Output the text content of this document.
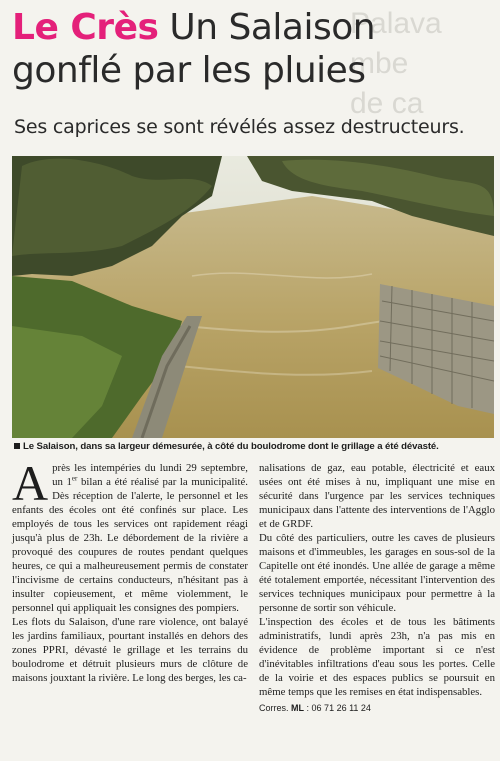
Palava
mbe
de ca
Le Crès Un Salaison
gonflé par les pluies
Ses caprices se sont révélés assez destructeurs.
Le Salaison, dans sa largeur démesurée, à côté du boulodrome dont le grillage a été dévasté.

Après les intempéries du lundi 29 septembre, un 1er bilan a été réalisé par la municipalité. Dès réception de l'alerte, le personnel et les enfants des écoles ont été confinés sur place. Les employés de tous les services ont rapidement réagi jusqu'à plus de 23h. Le débordement de la rivière a provoqué des coupures de routes pendant quelques heures, ce qui a malheureusement permis de constater l'incivisme de certains conducteurs, n'hésitant pas à insulter copieusement, et même violemment, le personnel qui appliquait les consignes des pompiers.

Les flots du Salaison, d'une rare violence, ont balayé les jardins familiaux, pourtant installés en dehors des zones PPRI, dévasté le grillage et les terrains du boulodrome et détruit plusieurs murs de clôture de maisons jouxtant la rivière. Le long des berges, les ca-

nalisations de gaz, eau potable, électricité et eaux usées ont été mises à nu, impliquant une mise en sécurité dans l'urgence par les services techniques municipaux dans l'attente des interventions de l'Agglo et de GRDF.

Du côté des particuliers, outre les caves de plusieurs maisons et d'immeubles, les garages en sous-sol de la Capitelle ont été inondés. Une allée de garage a même été totalement emportée, nécessitant l'intervention des services techniques municipaux pour permettre à la personne de sortir son véhicule.

L'inspection des écoles et de tous les bâtiments administratifs, lundi après 23h, n'a pas mis en évidence de problème important si ce n'est d'inévitables infiltrations d'eau sous les portes. Celle de la voirie et des espaces publics se poursuit en même temps que les remises en état indispensables.

Corres. ML : 06 71 26 11 24
